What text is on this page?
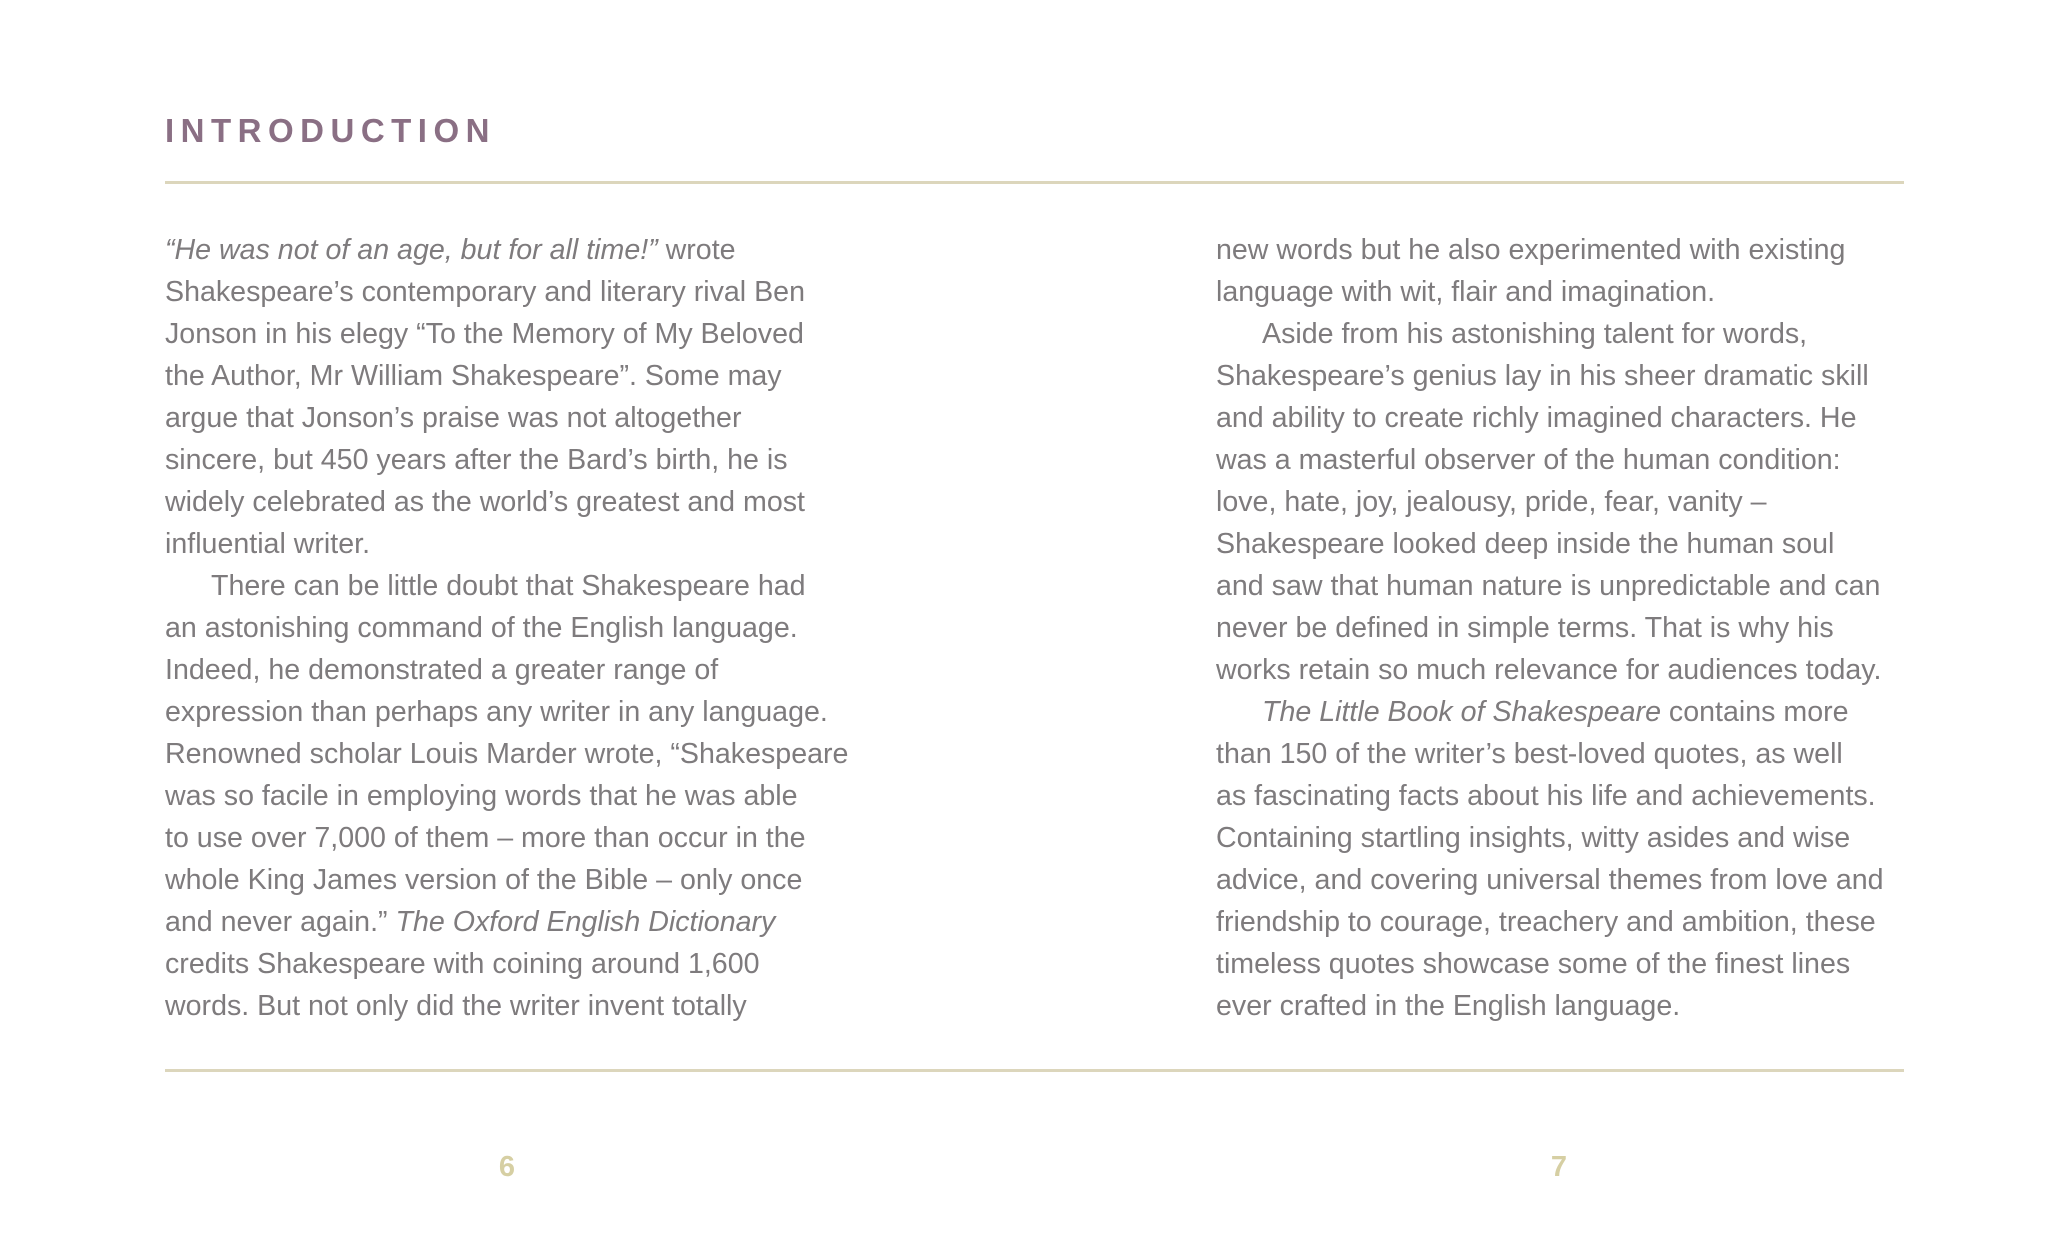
INTRODUCTION

“He was not of an age, but for all time!” wrote
Shakespeare’s contemporary and literary rival Ben
Jonson in his elegy “To the Memory of My Beloved
the Author, Mr William Shakespeare”. Some may
argue that Jonson’s praise was not altogether
sincere, but 450 years after the Bard’s birth, he is
widely celebrated as the world’s greatest and most
influential writer.

There can be little doubt that Shakespeare had
an astonishing command of the English language.
Indeed, he demonstrated a greater range of
expression than perhaps any writer in any language.
Renowned scholar Louis Marder wrote, “Shakespeare
was so facile in employing words that he was able
to use over 7,000 of them – more than occur in the
whole King James version of the Bible – only once
and never again.” The Oxford English Dictionary
credits Shakespeare with coining around 1,600
words. But not only did the writer invent totally

new words but he also experimented with existing
language with wit, flair and imagination.

Aside from his astonishing talent for words,
Shakespeare’s genius lay in his sheer dramatic skill
and ability to create richly imagined characters. He
was a masterful observer of the human condition:
love, hate, joy, jealousy, pride, fear, vanity –
Shakespeare looked deep inside the human soul
and saw that human nature is unpredictable and can
never be defined in simple terms. That is why his
works retain so much relevance for audiences today.

The Little Book of Shakespeare contains more
than 150 of the writer’s best-loved quotes, as well
as fascinating facts about his life and achievements.
Containing startling insights, witty asides and wise
advice, and covering universal themes from love and
friendship to courage, treachery and ambition, these
timeless quotes showcase some of the finest lines
ever crafted in the English language.

6	7
